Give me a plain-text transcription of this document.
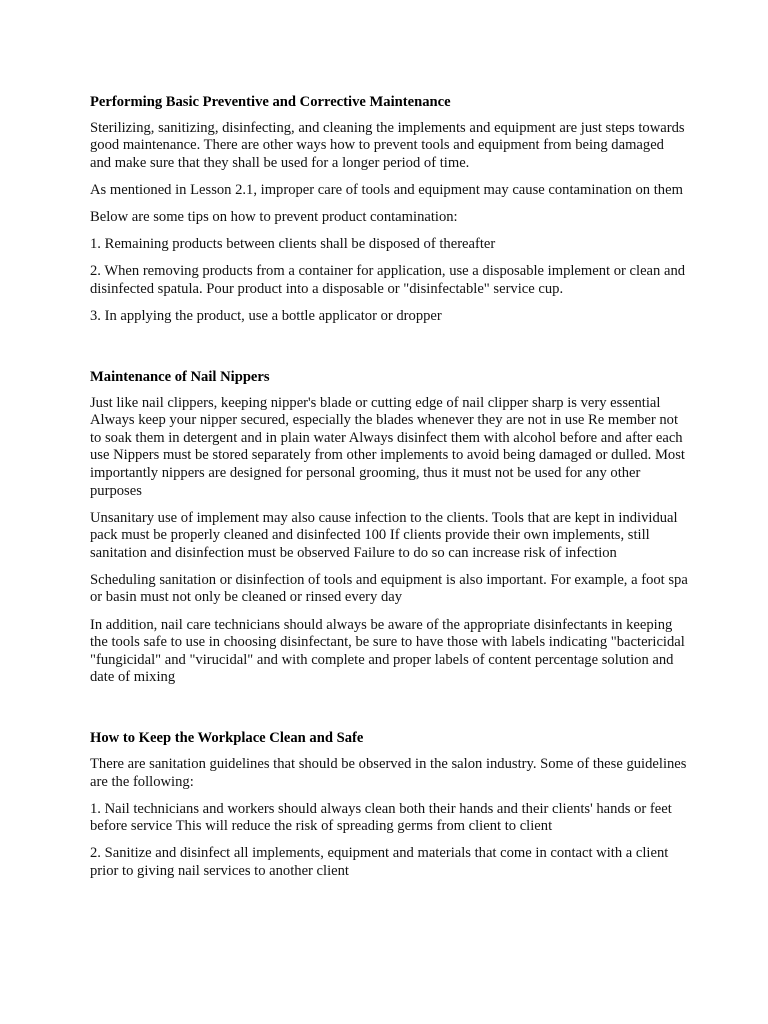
Performing Basic Preventive and Corrective Maintenance

Sterilizing, sanitizing, disinfecting, and cleaning the implements and equipment are just steps towards good maintenance. There are other ways how to prevent tools and equipment from being damaged and make sure that they shall be used for a longer period of time.

As mentioned in Lesson 2.1, improper care of tools and equipment may cause contamination on them

Below are some tips on how to prevent product contamination:

1. Remaining products between clients shall be disposed of thereafter

2. When removing products from a container for application, use a disposable implement or clean and disinfected spatula. Pour product into a disposable or "disinfectable" service cup.

3. In applying the product, use a bottle applicator or dropper

Maintenance of Nail Nippers

Just like nail clippers, keeping nipper's blade or cutting edge of nail clipper sharp is very essential Always keep your nipper secured, especially the blades whenever they are not in use Re member not to soak them in detergent and in plain water Always disinfect them with alcohol before and after each use Nippers must be stored separately from other implements to avoid being damaged or dulled. Most importantly nippers are designed for personal grooming, thus it must not be used for any other purposes

Unsanitary use of implement may also cause infection to the clients. Tools that are kept in individual pack must be properly cleaned and disinfected 100 If clients provide their own implements, still sanitation and disinfection must be observed Failure to do so can increase risk of infection

Scheduling sanitation or disinfection of tools and equipment is also important. For example, a foot spa or basin must not only be cleaned or rinsed every day

In addition, nail care technicians should always be aware of the appropriate disinfectants in keeping the tools safe to use in choosing disinfectant, be sure to have those with labels indicating "bactericidal "fungicidal" and "virucidal" and with complete and proper labels of content percentage solution and date of mixing

How to Keep the Workplace Clean and Safe

There are sanitation guidelines that should be observed in the salon industry. Some of these guidelines are the following:

1. Nail technicians and workers should always clean both their hands and their clients' hands or feet before service This will reduce the risk of spreading germs from client to client

2. Sanitize and disinfect all implements, equipment and materials that come in contact with a client prior to giving nail services to another client
